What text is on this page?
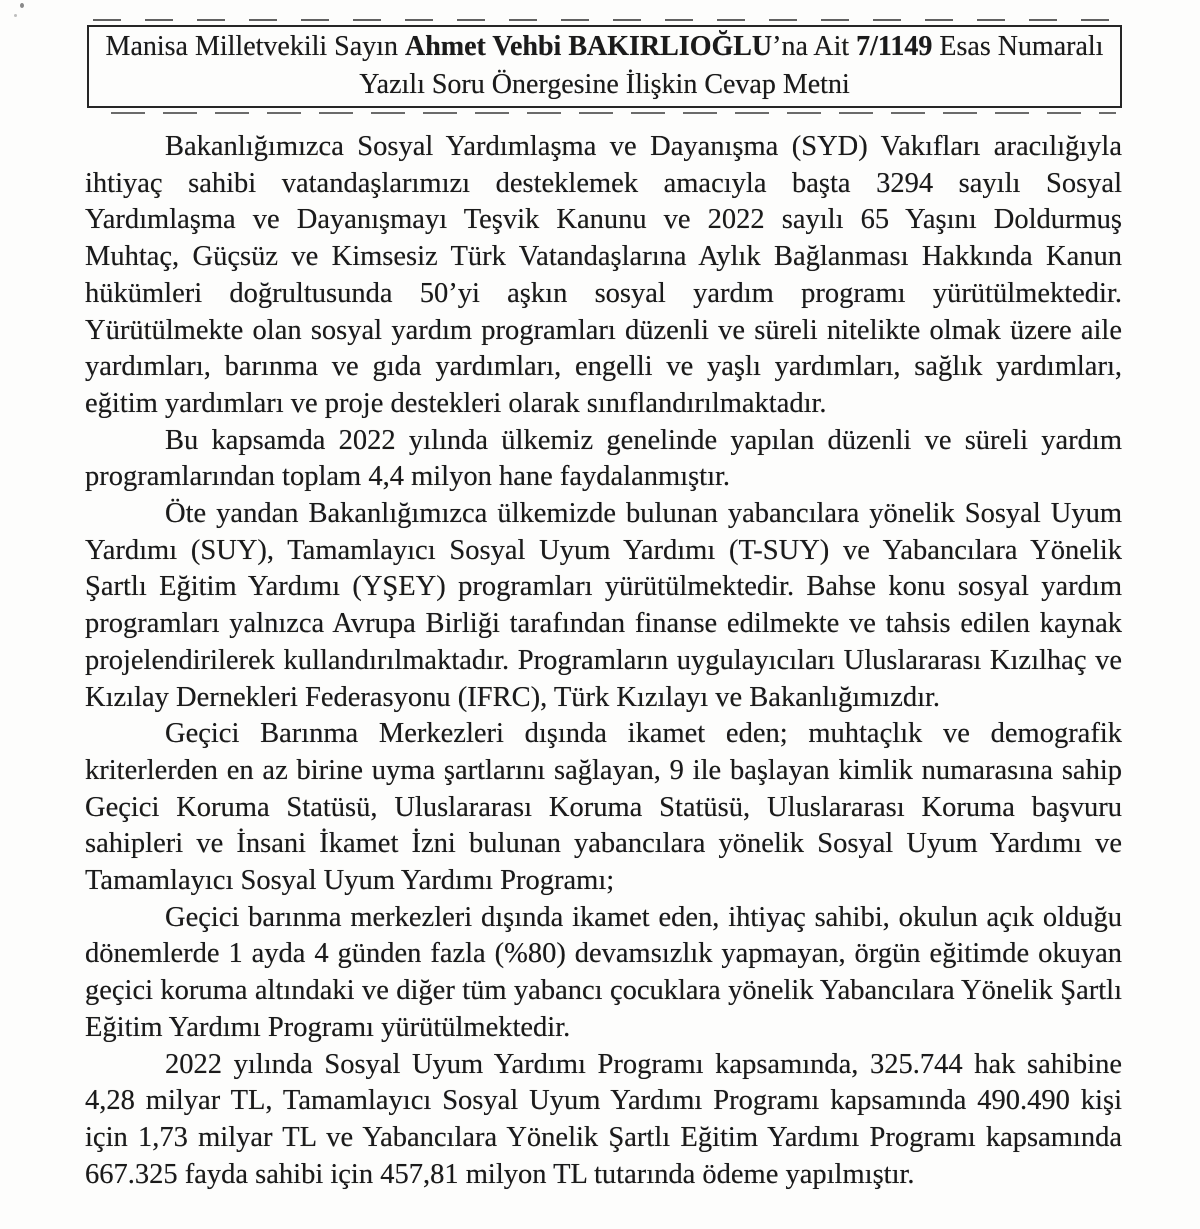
Manisa Milletvekili Sayın Ahmet Vehbi BAKIRLIOĞLU’na Ait 7/1149 Esas Numaralı
Yazılı Soru Önergesine İlişkin Cevap Metni

Bakanlığımızca Sosyal Yardımlaşma ve Dayanışma (SYD) Vakıfları aracılığıyla ihtiyaç sahibi vatandaşlarımızı desteklemek amacıyla başta 3294 sayılı Sosyal Yardımlaşma ve Dayanışmayı Teşvik Kanunu ve 2022 sayılı 65 Yaşını Doldurmuş Muhtaç, Güçsüz ve Kimsesiz Türk Vatandaşlarına Aylık Bağlanması Hakkında Kanun hükümleri doğrultusunda 50’yi aşkın sosyal yardım programı yürütülmektedir. Yürütülmekte olan sosyal yardım programları düzenli ve süreli nitelikte olmak üzere aile yardımları, barınma ve gıda yardımları, engelli ve yaşlı yardımları, sağlık yardımları, eğitim yardımları ve proje destekleri olarak sınıflandırılmaktadır.

Bu kapsamda 2022 yılında ülkemiz genelinde yapılan düzenli ve süreli yardım programlarından toplam 4,4 milyon hane faydalanmıştır.

Öte yandan Bakanlığımızca ülkemizde bulunan yabancılara yönelik Sosyal Uyum Yardımı (SUY), Tamamlayıcı Sosyal Uyum Yardımı (T-SUY) ve Yabancılara Yönelik Şartlı Eğitim Yardımı (YŞEY) programları yürütülmektedir. Bahse konu sosyal yardım programları yalnızca Avrupa Birliği tarafından finanse edilmekte ve tahsis edilen kaynak projelendirilerek kullandırılmaktadır. Programların uygulayıcıları Uluslararası Kızılhaç ve Kızılay Dernekleri Federasyonu (IFRC), Türk Kızılayı ve Bakanlığımızdır.

Geçici Barınma Merkezleri dışında ikamet eden; muhtaçlık ve demografik kriterlerden en az birine uyma şartlarını sağlayan, 9 ile başlayan kimlik numarasına sahip Geçici Koruma Statüsü, Uluslararası Koruma Statüsü, Uluslararası Koruma başvuru sahipleri ve İnsani İkamet İzni bulunan yabancılara yönelik Sosyal Uyum Yardımı ve Tamamlayıcı Sosyal Uyum Yardımı Programı;

Geçici barınma merkezleri dışında ikamet eden, ihtiyaç sahibi, okulun açık olduğu dönemlerde 1 ayda 4 günden fazla (%80) devamsızlık yapmayan, örgün eğitimde okuyan geçici koruma altındaki ve diğer tüm yabancı çocuklara yönelik Yabancılara Yönelik Şartlı Eğitim Yardımı Programı yürütülmektedir.

2022 yılında Sosyal Uyum Yardımı Programı kapsamında, 325.744 hak sahibine 4,28 milyar TL, Tamamlayıcı Sosyal Uyum Yardımı Programı kapsamında 490.490 kişi için 1,73 milyar TL ve Yabancılara Yönelik Şartlı Eğitim Yardımı Programı kapsamında 667.325 fayda sahibi için 457,81 milyon TL tutarında ödeme yapılmıştır.
